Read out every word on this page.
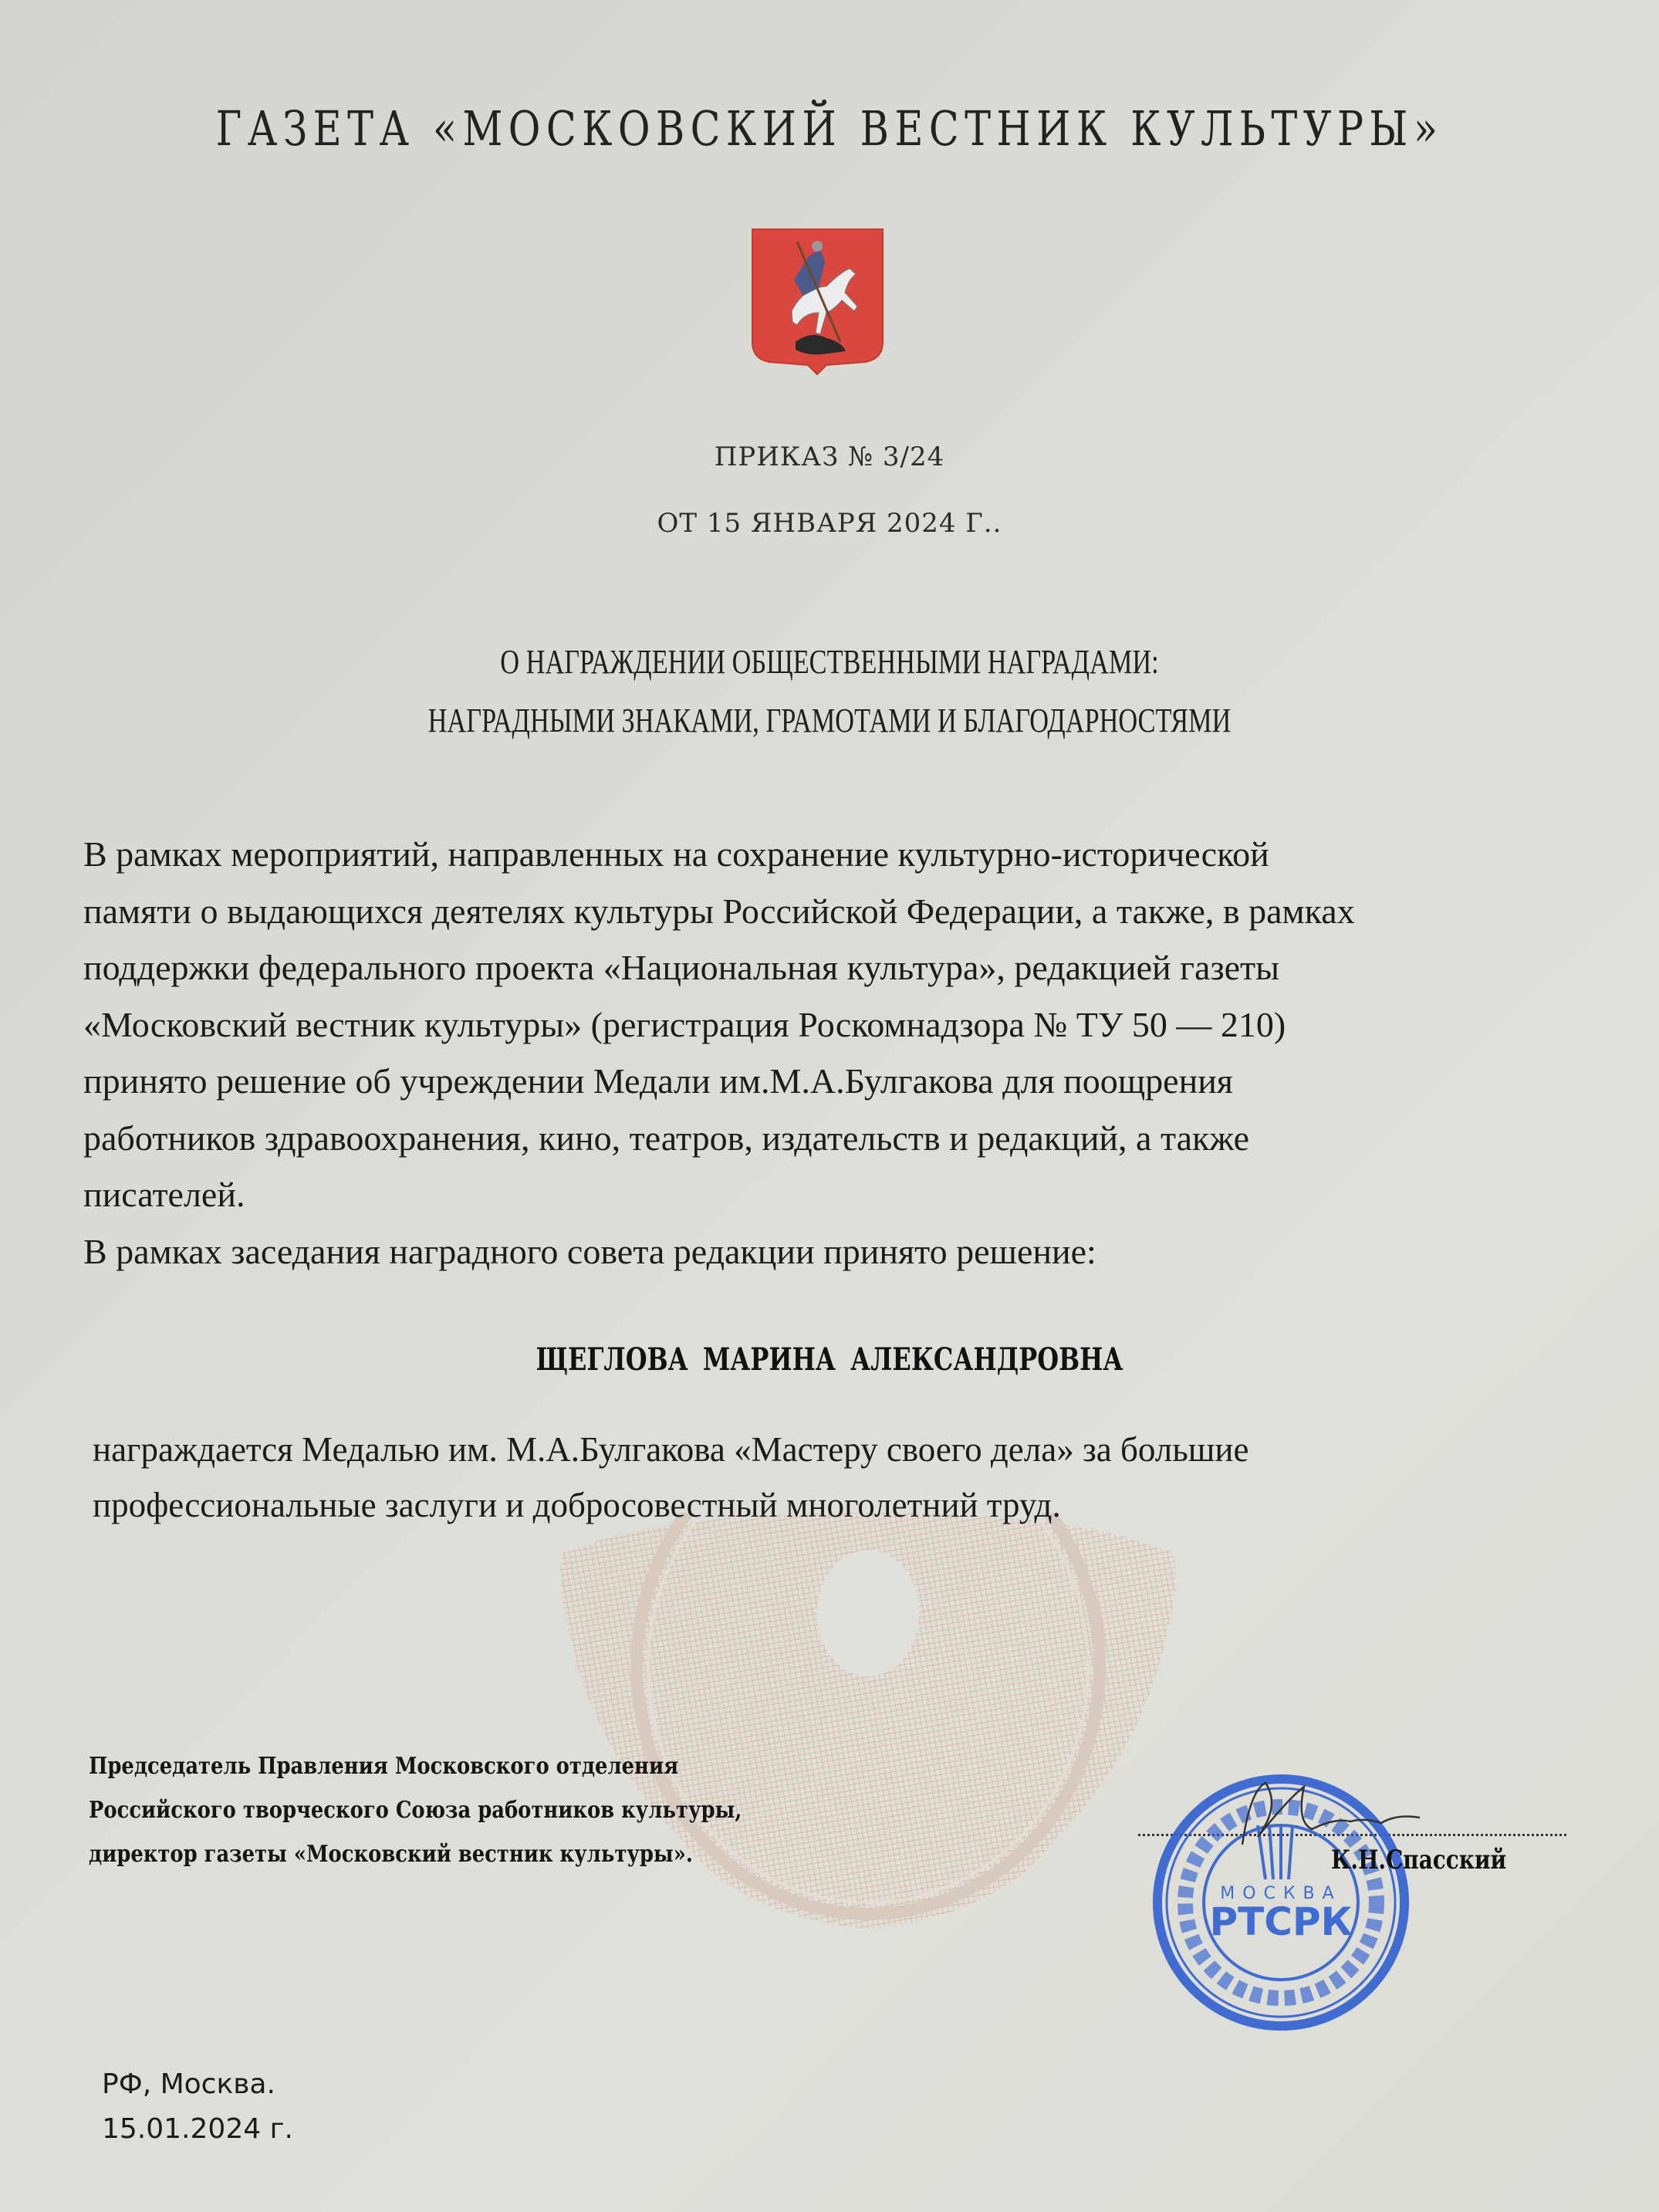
ГАЗЕТА «МОСКОВСКИЙ ВЕСТНИК КУЛЬТУРЫ»
ПРИКАЗ № 3/24
ОТ 15 ЯНВАРЯ 2024 Г..
О НАГРАЖДЕНИИ ОБЩЕСТВЕННЫМИ НАГРАДАМИ:
НАГРАДНЫМИ ЗНАКАМИ, ГРАМОТАМИ И БЛАГОДАРНОСТЯМИ
В рамках мероприятий, направленных на сохранение культурно-исторической
памяти о выдающихся деятелях культуры Российской Федерации, а также, в рамках
поддержки федерального проекта «Национальная культура», редакцией газеты
«Московский вестник культуры» (регистрация Роскомнадзора № ТУ 50 — 210)
принято решение об учреждении Медали им.М.А.Булгакова для поощрения
работников здравоохранения, кино, театров, издательств и редакций, а также
писателей.
В рамках заседания наградного совета редакции принято решение:
ЩЕГЛОВА МАРИНА АЛЕКСАНДРОВНА
награждается Медалью им. М.А.Булгакова «Мастеру своего дела» за большие
профессиональные заслуги и добросовестный многолетний труд.
Председатель Правления Московского отделения
Российского творческого Союза работников культуры,
директор газеты «Московский вестник культуры».
МОСКВА
РТСРК
К.Н.Спасский
РФ, Москва.
15.01.2024 г.
